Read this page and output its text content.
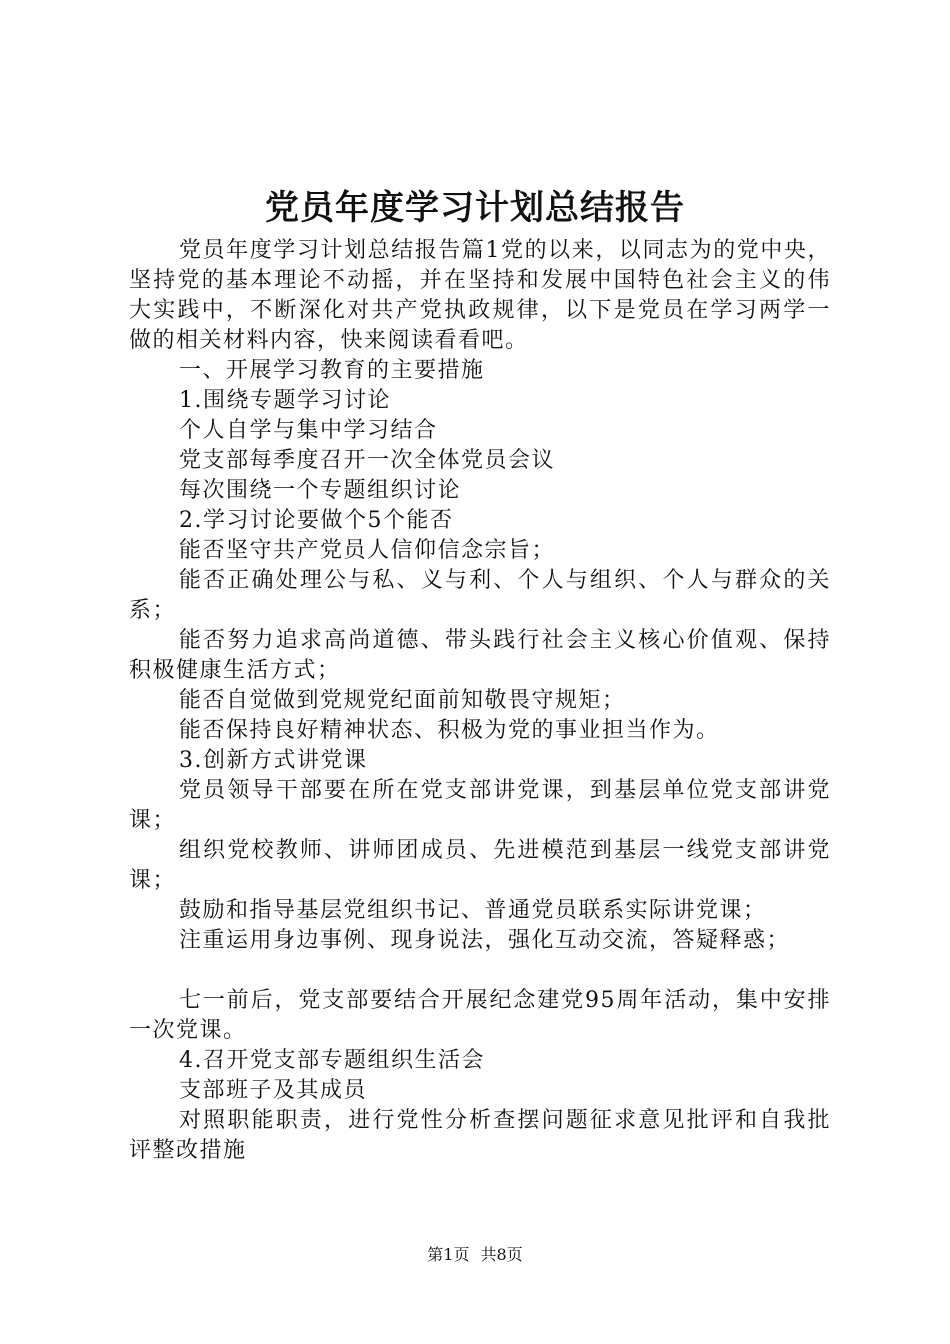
党员年度学习计划总结报告

党员年度学习计划总结报告篇1党的以来，以同志为的党中央，坚持党的基本理论不动摇，并在坚持和发展中国特色社会主义的伟大实践中，不断深化对共产党执政规律，以下是党员在学习两学一做的相关材料内容，快来阅读看看吧。

一、开展学习教育的主要措施

1.围绕专题学习讨论

个人自学与集中学习结合

党支部每季度召开一次全体党员会议

每次围绕一个专题组织讨论

2.学习讨论要做个5个能否

能否坚守共产党员人信仰信念宗旨；

能否正确处理公与私、义与利、个人与组织、个人与群众的关系；

能否努力追求高尚道德、带头践行社会主义核心价值观、保持积极健康生活方式；

能否自觉做到党规党纪面前知敬畏守规矩；

能否保持良好精神状态、积极为党的事业担当作为。

3.创新方式讲党课

党员领导干部要在所在党支部讲党课，到基层单位党支部讲党课；

组织党校教师、讲师团成员、先进模范到基层一线党支部讲党课；

鼓励和指导基层党组织书记、普通党员联系实际讲党课；

注重运用身边事例、现身说法，强化互动交流，答疑释惑；

七一前后，党支部要结合开展纪念建党95周年活动，集中安排一次党课。

4.召开党支部专题组织生活会

支部班子及其成员

对照职能职责，进行党性分析查摆问题征求意见批评和自我批评整改措施

第1页 共8页
